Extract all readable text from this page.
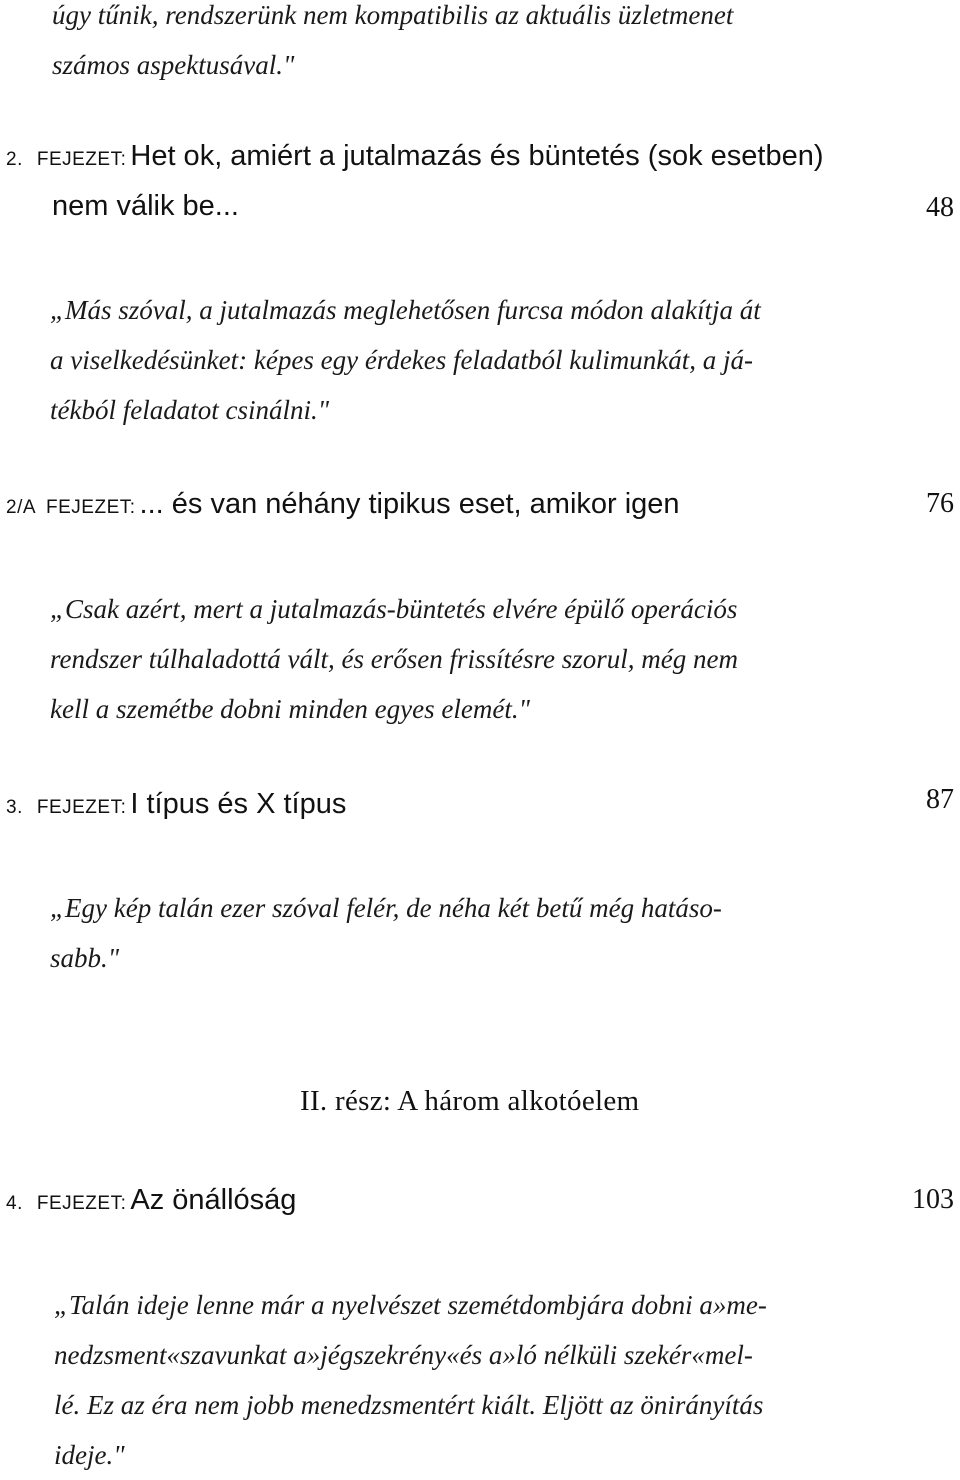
úgy tűnik, rendszerünk nem kompatibilis az aktuális üzletmenet
számos aspektusával."
2. FEJEZET: Het ok, amiért a jutalmazás és büntetés (sok esetben)
nem válik be...	48
„Más szóval, a jutalmazás meglehetősen furcsa módon alakítja át
a viselkedésünket: képes egy érdekes feladatból kulimunkát, a já-
tékból feladatot csinálni."
2/A FEJEZET: ... és van néhány tipikus eset, amikor igen	76
„Csak azért, mert a jutalmazás-büntetés elvére épülő operációs
rendszer túlhaladottá vált, és erősen frissítésre szorul, még nem
kell a szemétbe dobni minden egyes elemét."
3. FEJEZET: I típus és X típus	87
„Egy kép talán ezer szóval felér, de néha két betű még hatáso-
sabb."
II. rész: A három alkotóelem
4. FEJEZET: Az önállóság	103
„Talán ideje lenne már a nyelvészet szemétdombjára dobni a»me-
nedzsment«szavunkat a»jégszekrény«és a»ló nélküli szekér«mel-
lé. Ez az éra nem jobb menedzsmentért kiált. Eljött az önirányítás
ideje."
